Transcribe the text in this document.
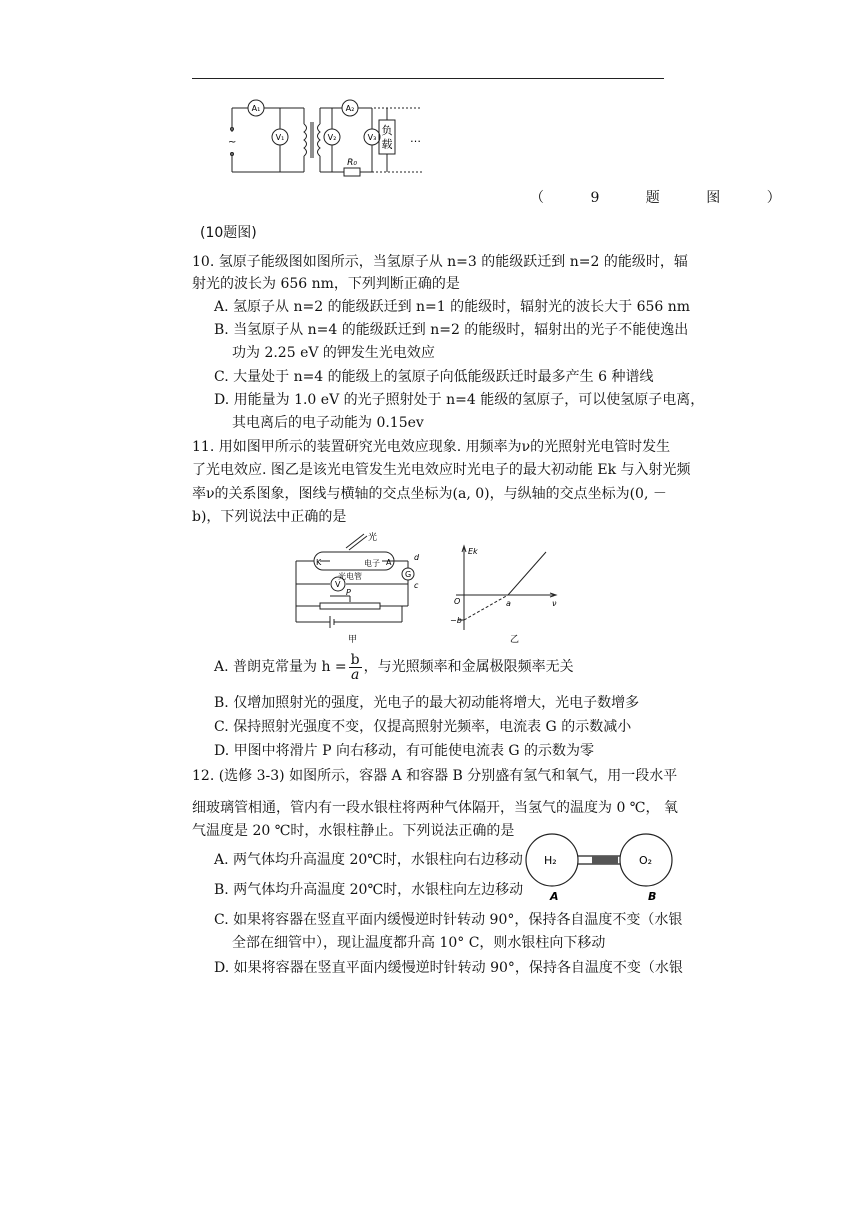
A₁
V₁
A₂
V₂	V₃
R₀
负
载 …
~
（ 9 题 图 ）
(10题图)
10. 氢原子能级图如图所示，当氢原子从 n=3 的能级跃迁到 n=2 的能级时，辐
射光的波长为 656 nm，下列判断正确的是
A. 氢原子从 n=2 的能级跃迁到 n=1 的能级时，辐射光的波长大于 656 nm
B. 当氢原子从 n=4 的能级跃迁到 n=2 的能级时，辐射出的光子不能使逸出
功为 2.25 eV 的钾发生光电效应
C. 大量处于 n=4 的能级上的氢原子向低能级跃迁时最多产生 6 种谱线
D. 用能量为 1.0 eV 的光子照射处于 n=4 能级的氢原子，可以使氢原子电离，
其电离后的电子动能为 0.15ev
11. 用如图甲所示的装置研究光电效应现象. 用频率为ν的光照射光电管时发生
了光电效应. 图乙是该光电管发生光电效应时光电子的最大初动能 Ek 与入射光频
率ν的关系图象，图线与横轴的交点坐标为(a, 0)，与纵轴的交点坐标为(0, －
b)，下列说法中正确的是
光
电子
光电管
K	A
G
V
d
c
P
甲
Ek
ν
O	a
−b
乙
A. 普朗克常量为 $h = \frac{b}{a}$ ，与光照频率和金属极限频率无关
B. 仅增加照射光的强度，光电子的最大初动能将增大，光电子数增多
C. 保持照射光强度不变，仅提高照射光频率，电流表 G 的示数减小
D. 甲图中将滑片 P 向右移动，有可能使电流表 G 的示数为零
12. (选修 3-3) 如图所示，容器 A 和容器 B 分别盛有氢气和氧气，用一段水平
细玻璃管相通，管内有一段水银柱将两种气体隔开，当氢气的温度为 0 ℃， 氧
气温度是 20 ℃时，水银柱静止。下列说法正确的是
A. 两气体均升高温度 20℃时，水银柱向右边移动
B. 两气体均升高温度 20℃时，水银柱向左边移动
H₂	O₂
A	B
C. 如果将容器在竖直平面内缓慢逆时针转动 90°，保持各自温度不变（水银
全部在细管中），现让温度都升高 10° C，则水银柱向下移动
D. 如果将容器在竖直平面内缓慢逆时针转动 90°，保持各自温度不变（水银
